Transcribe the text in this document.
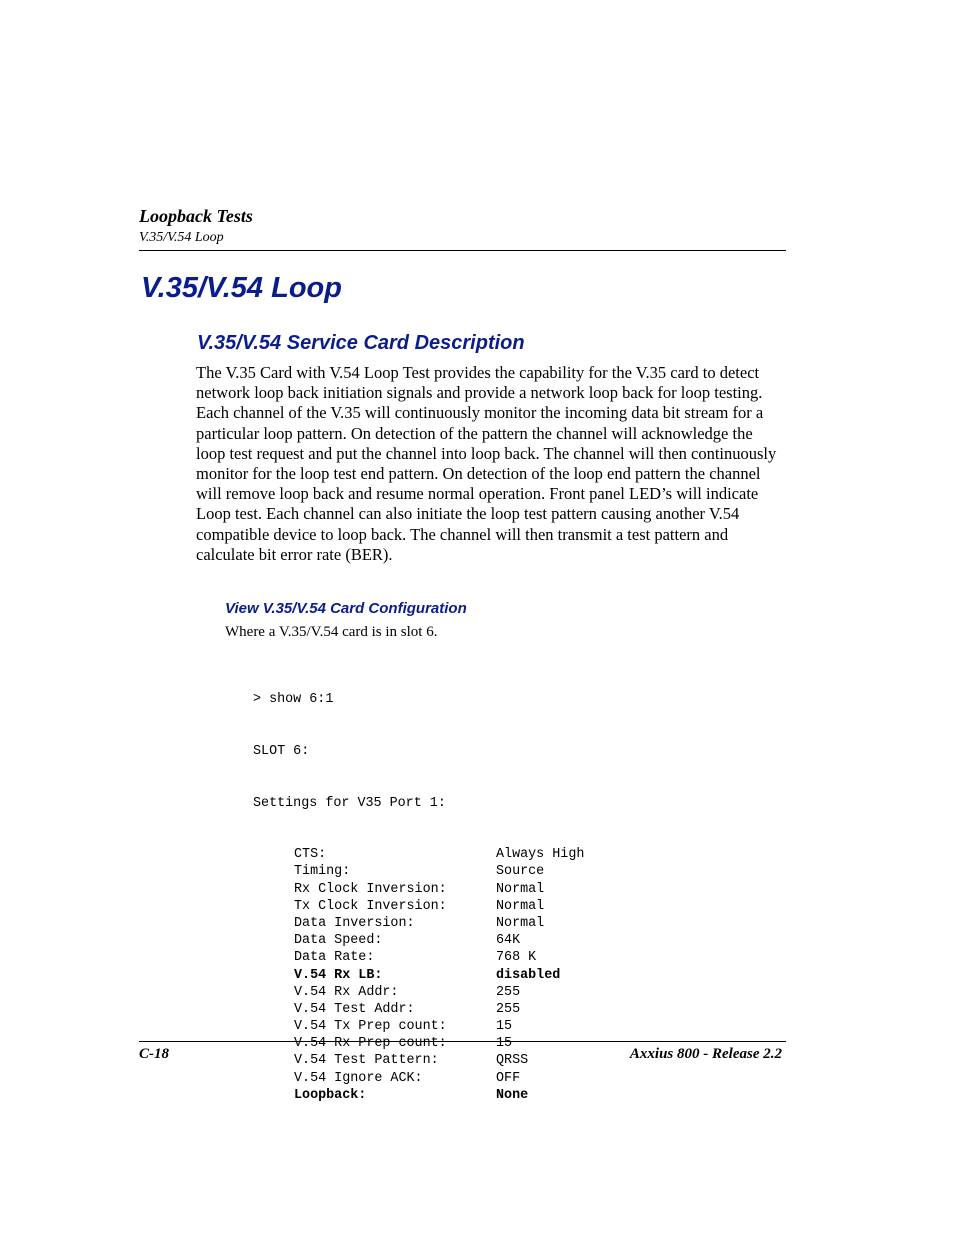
Loopback Tests
V.35/V.54 Loop
V.35/V.54 Loop
V.35/V.54 Service Card Description

The V.35 Card with V.54 Loop Test provides the capability for the V.35 card to detect
network loop back initiation signals and provide a network loop back for loop testing.
Each channel of the V.35 will continuously monitor the incoming data bit stream for a
particular loop pattern. On detection of the pattern the channel will acknowledge the
loop test request and put the channel into loop back. The channel will then continuously
monitor for the loop test end pattern. On detection of the loop end pattern the channel
will remove loop back and resume normal operation. Front panel LED’s will indicate
Loop test. Each channel can also initiate the loop test pattern causing another V.54
compatible device to loop back. The channel will then transmit a test pattern and
calculate bit error rate (BER).

View V.35/V.54 Card Configuration
Where a V.35/V.54 card is in slot 6.

> show 6:1

SLOT 6:

Settings for V35 Port 1:

CTS:	Always High
Timing:	Source
Rx Clock Inversion:	Normal
Tx Clock Inversion:	Normal
Data Inversion:	Normal
Data Speed:	64K
Data Rate:	768 K
V.54 Rx LB:	disabled
V.54 Rx Addr:	255
V.54 Test Addr:	255
V.54 Tx Prep count:	15
V.54 Rx Prep count:	15
V.54 Test Pattern:	QRSS
V.54 Ignore ACK:	OFF
Loopback:	None

C-18	Axxius 800 - Release 2.2
